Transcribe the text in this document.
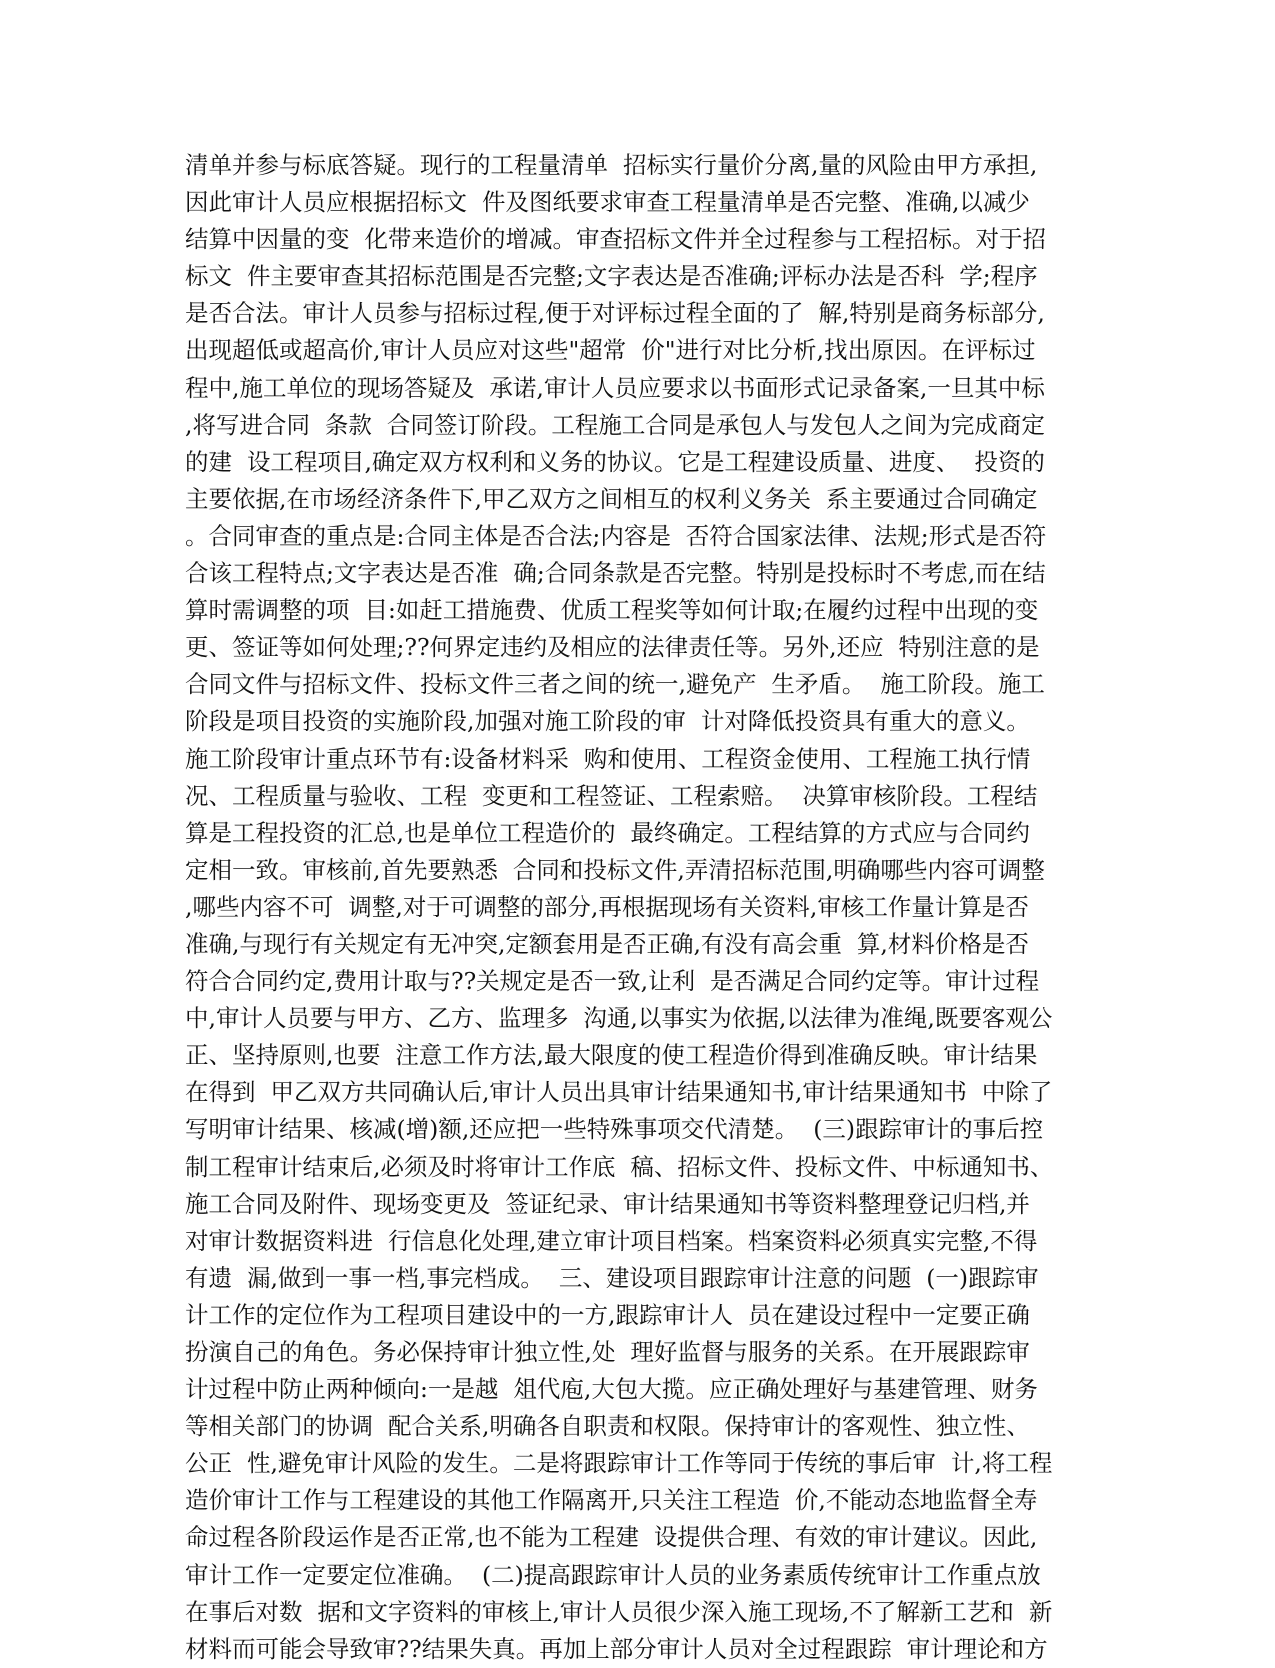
清单并参与标底答疑。现行的工程量清单  招标实行量价分离,量的风险由甲方承担,
因此审计人员应根据招标文  件及图纸要求审查工程量清单是否完整、准确,以减少
结算中因量的变  化带来造价的增减。审查招标文件并全过程参与工程招标。对于招
标文  件主要审查其招标范围是否完整;文字表达是否准确;评标办法是否科  学;程序
是否合法。审计人员参与招标过程,便于对评标过程全面的了  解,特别是商务标部分,
出现超低或超高价,审计人员应对这些"超常  价"进行对比分析,找出原因。在评标过
程中,施工单位的现场答疑及  承诺,审计人员应要求以书面形式记录备案,一旦其中标
,将写进合同  条款  合同签订阶段。工程施工合同是承包人与发包人之间为完成商定
的建  设工程项目,确定双方权利和义务的协议。它是工程建设质量、进度、  投资的
主要依据,在市场经济条件下,甲乙双方之间相互的权利义务关  系主要通过合同确定
。合同审查的重点是:合同主体是否合法;内容是  否符合国家法律、法规;形式是否符
合该工程特点;文字表达是否准  确;合同条款是否完整。特别是投标时不考虑,而在结
算时需调整的项  目:如赶工措施费、优质工程奖等如何计取;在履约过程中出现的变
更、签证等如何处理;??何界定违约及相应的法律责任等。另外,还应  特别注意的是
合同文件与招标文件、投标文件三者之间的统一,避免产  生矛盾。  施工阶段。施工
阶段是项目投资的实施阶段,加强对施工阶段的审  计对降低投资具有重大的意义。
施工阶段审计重点环节有:设备材料采  购和使用、工程资金使用、工程施工执行情
况、工程质量与验收、工程  变更和工程签证、工程索赔。  决算审核阶段。工程结
算是工程投资的汇总,也是单位工程造价的  最终确定。工程结算的方式应与合同约
定相一致。审核前,首先要熟悉  合同和投标文件,弄清招标范围,明确哪些内容可调整
,哪些内容不可  调整,对于可调整的部分,再根据现场有关资料,审核工作量计算是否
准确,与现行有关规定有无冲突,定额套用是否正确,有没有高会重  算,材料价格是否
符合合同约定,费用计取与??关规定是否一致,让利  是否满足合同约定等。审计过程
中,审计人员要与甲方、乙方、监理多  沟通,以事实为依据,以法律为准绳,既要客观公
正、坚持原则,也要  注意工作方法,最大限度的使工程造价得到准确反映。审计结果
在得到  甲乙双方共同确认后,审计人员出具审计结果通知书,审计结果通知书  中除了
写明审计结果、核减(增)额,还应把一些特殊事项交代清楚。  (三)跟踪审计的事后控
制工程审计结束后,必须及时将审计工作底  稿、招标文件、投标文件、中标通知书、
施工合同及附件、现场变更及  签证纪录、审计结果通知书等资料整理登记归档,并
对审计数据资料进  行信息化处理,建立审计项目档案。档案资料必须真实完整,不得
有遗  漏,做到一事一档,事完档成。  三、建设项目跟踪审计注意的问题  (一)跟踪审
计工作的定位作为工程项目建设中的一方,跟踪审计人  员在建设过程中一定要正确
扮演自己的角色。务必保持审计独立性,处  理好监督与服务的关系。在开展跟踪审
计过程中防止两种倾向:一是越  俎代庖,大包大揽。应正确处理好与基建管理、财务
等相关部门的协调  配合关系,明确各自职责和权限。保持审计的客观性、独立性、
公正  性,避免审计风险的发生。二是将跟踪审计工作等同于传统的事后审  计,将工程
造价审计工作与工程建设的其他工作隔离开,只关注工程造  价,不能动态地监督全寿
命过程各阶段运作是否正常,也不能为工程建  设提供合理、有效的审计建议。因此,
审计工作一定要定位准确。  (二)提高跟踪审计人员的业务素质传统审计工作重点放
在事后对数  据和文字资料的审核上,审计人员很少深入施工现场,不了解新工艺和  新
材料而可能会导致审??结果失真。再加上部分审计人员对全过程跟踪  审计理论和方
